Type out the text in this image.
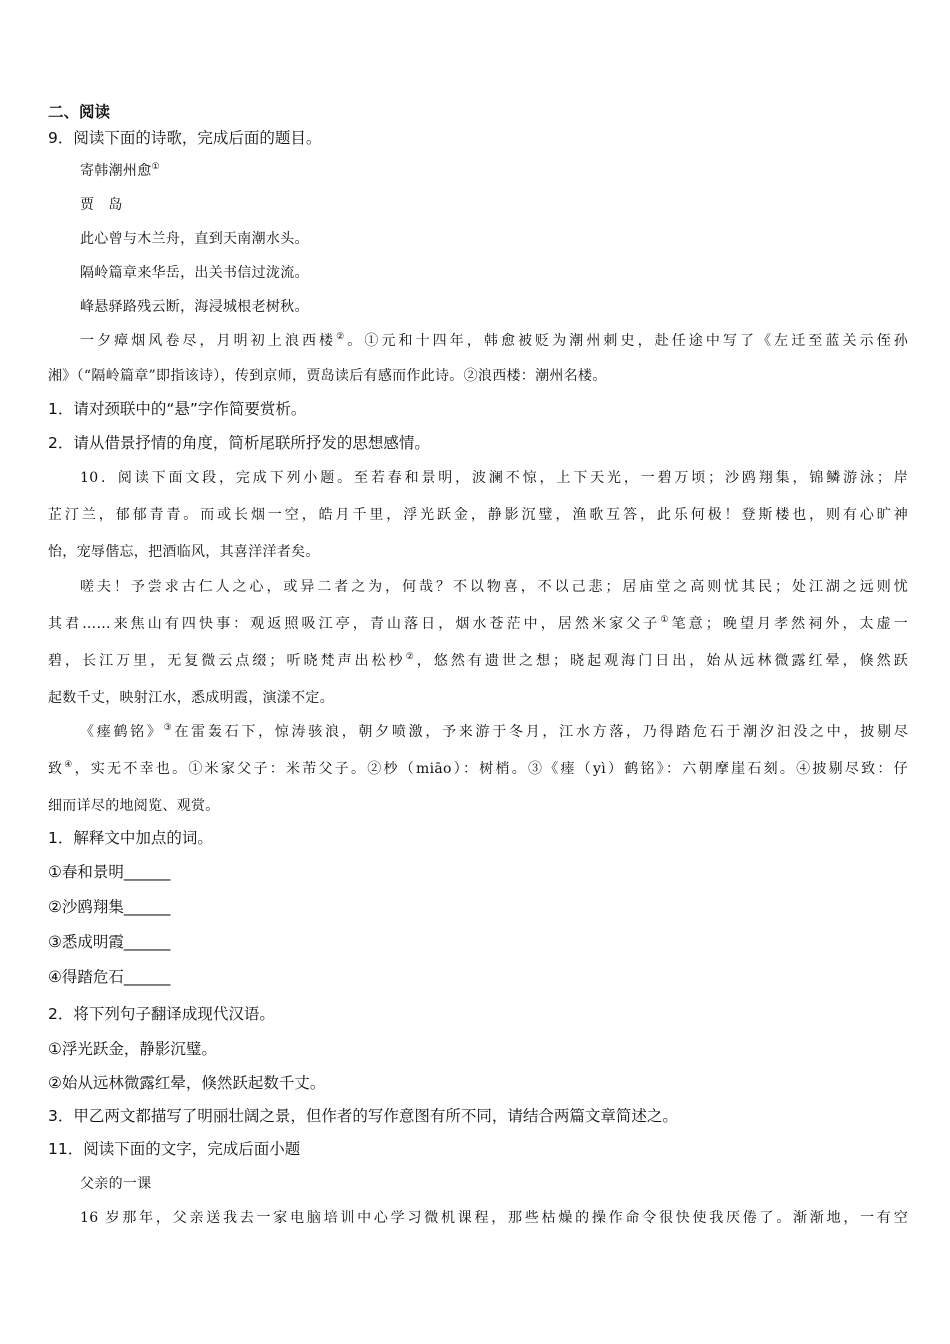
二、阅读
9．阅读下面的诗歌，完成后面的题目。
寄韩潮州愈①
贾 岛
此心曾与木兰舟，直到天南潮水头。
隔岭篇章来华岳，出关书信过泷流。
峰悬驿路残云断，海浸城根老树秋。
一夕瘴烟风卷尽，月明初上浪西楼②。①元和十四年，韩愈被贬为潮州刺史，赴任途中写了《左迁至蓝关示侄孙
湘》（“隔岭篇章”即指该诗），传到京师，贾岛读后有感而作此诗。②浪西楼：潮州名楼。
1．请对颈联中的“悬”字作简要赏析。
2．请从借景抒情的角度，简析尾联所抒发的思想感情。
10．阅读下面文段，完成下列小题。至若春和景明，波澜不惊，上下天光，一碧万顷；沙鸥翔集，锦鳞游泳；岸
芷汀兰，郁郁青青。而或长烟一空，皓月千里，浮光跃金，静影沉璧，渔歌互答，此乐何极！登斯楼也，则有心旷神
怡，宠辱偕忘，把酒临风，其喜洋洋者矣。
嗟夫！予尝求古仁人之心，或异二者之为，何哉？不以物喜，不以己悲；居庙堂之高则忧其民；处江湖之远则忧
其君……来焦山有四快事：观返照吸江亭，青山落日，烟水苍茫中，居然米家父子①笔意；晚望月孝然祠外，太虚一
碧，长江万里，无复微云点缀；听晓梵声出松杪②，悠然有遗世之想；晓起观海门日出，始从远林微露红晕，倏然跃
起数千丈，映射江水，悉成明霞，演漾不定。
《瘗鹤铭》③在雷轰石下，惊涛骇浪，朝夕喷激，予来游于冬月，江水方落，乃得踏危石于潮汐汩没之中，披剔尽
致④，实无不幸也。①米家父子：米芾父子。②杪（miāo）：树梢。③《瘗（yì）鹤铭》：六朝摩崖石刻。④披剔尽致：仔
细而详尽的地阅览、观赏。
1．解释文中加点的词。
①春和景明______
②沙鸥翔集______
③悉成明霞______
④得踏危石______
2．将下列句子翻译成现代汉语。
①浮光跃金，静影沉璧。
②始从远林微露红晕，倏然跃起数千丈。
3．甲乙两文都描写了明丽壮阔之景，但作者的写作意图有所不同，请结合两篇文章简述之。
11．阅读下面的文字，完成后面小题
父亲的一课
16 岁那年，父亲送我去一家电脑培训中心学习微机课程，那些枯燥的操作命令很快使我厌倦了。渐渐地，一有空
